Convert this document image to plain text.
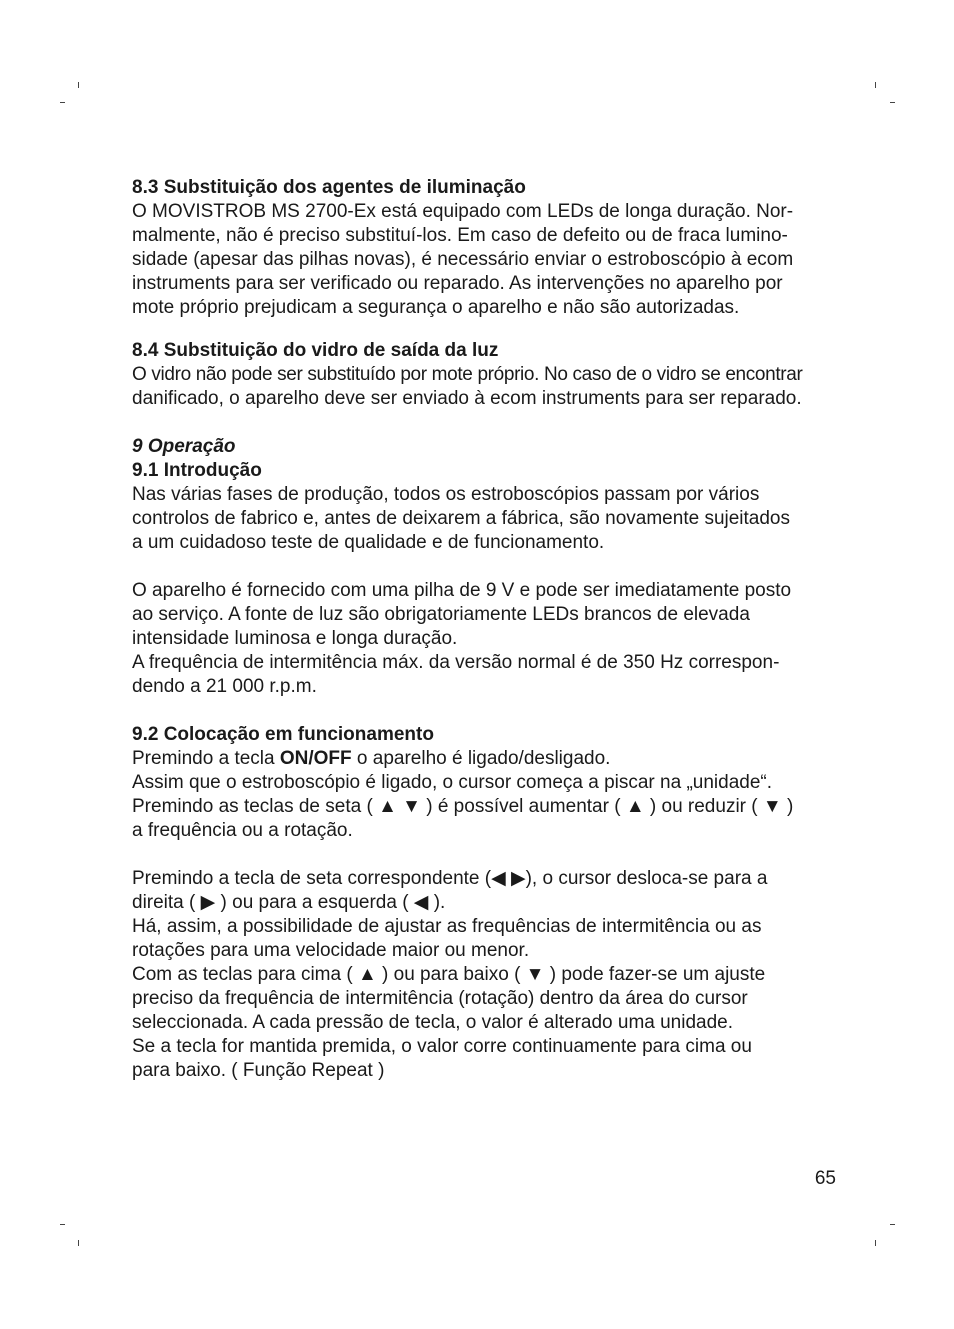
8.3 Substituição dos agentes de iluminação
O MOVISTROB MS 2700-Ex está equipado com LEDs de longa duração. Nor-
malmente, não é preciso substituí-los. Em caso de defeito ou de fraca lumino-
sidade (apesar das pilhas novas), é necessário enviar o estroboscópio à ecom
instruments para ser verificado ou reparado. As intervenções no aparelho por
mote próprio prejudicam a segurança o aparelho e não são autorizadas.
8.4 Substituição do vidro de saída da luz
O vidro não pode ser substituído por mote próprio. No caso de o vidro se encontrar
danificado, o aparelho deve ser enviado à ecom instruments para ser reparado.
9 Operação
9.1 Introdução
Nas várias fases de produção, todos os estroboscópios passam por vários
controlos de fabrico e, antes de deixarem a fábrica, são novamente sujeitados
a um cuidadoso teste de qualidade e de funcionamento.
O aparelho é fornecido com uma pilha de 9 V e pode ser imediatamente posto
ao serviço. A fonte de luz são obrigatoriamente LEDs brancos de elevada
intensidade luminosa e longa duração.
A frequência de intermitência máx. da versão normal é de 350 Hz correspon-
dendo a 21 000 r.p.m.
9.2 Colocação em funcionamento
Premindo a tecla ON/OFF o aparelho é ligado/desligado.
Assim que o estroboscópio é ligado, o cursor começa a piscar na „unidade“.
Premindo as teclas de seta ( ▲ ▼ ) é possível aumentar ( ▲ ) ou reduzir ( ▼ )
a frequência ou a rotação.
Premindo a tecla de seta correspondente (◀ ▶), o cursor desloca-se para a
direita ( ▶ ) ou para a esquerda ( ◀ ).
Há, assim, a possibilidade de ajustar as frequências de intermitência ou as
rotações para uma velocidade maior ou menor.
Com as teclas para cima ( ▲ ) ou para baixo ( ▼ ) pode fazer-se um ajuste
preciso da frequência de intermitência (rotação) dentro da área do cursor
seleccionada. A cada pressão de tecla, o valor é alterado uma unidade.
Se a tecla for mantida premida, o valor corre continuamente para cima ou
para baixo. ( Função Repeat )
65
